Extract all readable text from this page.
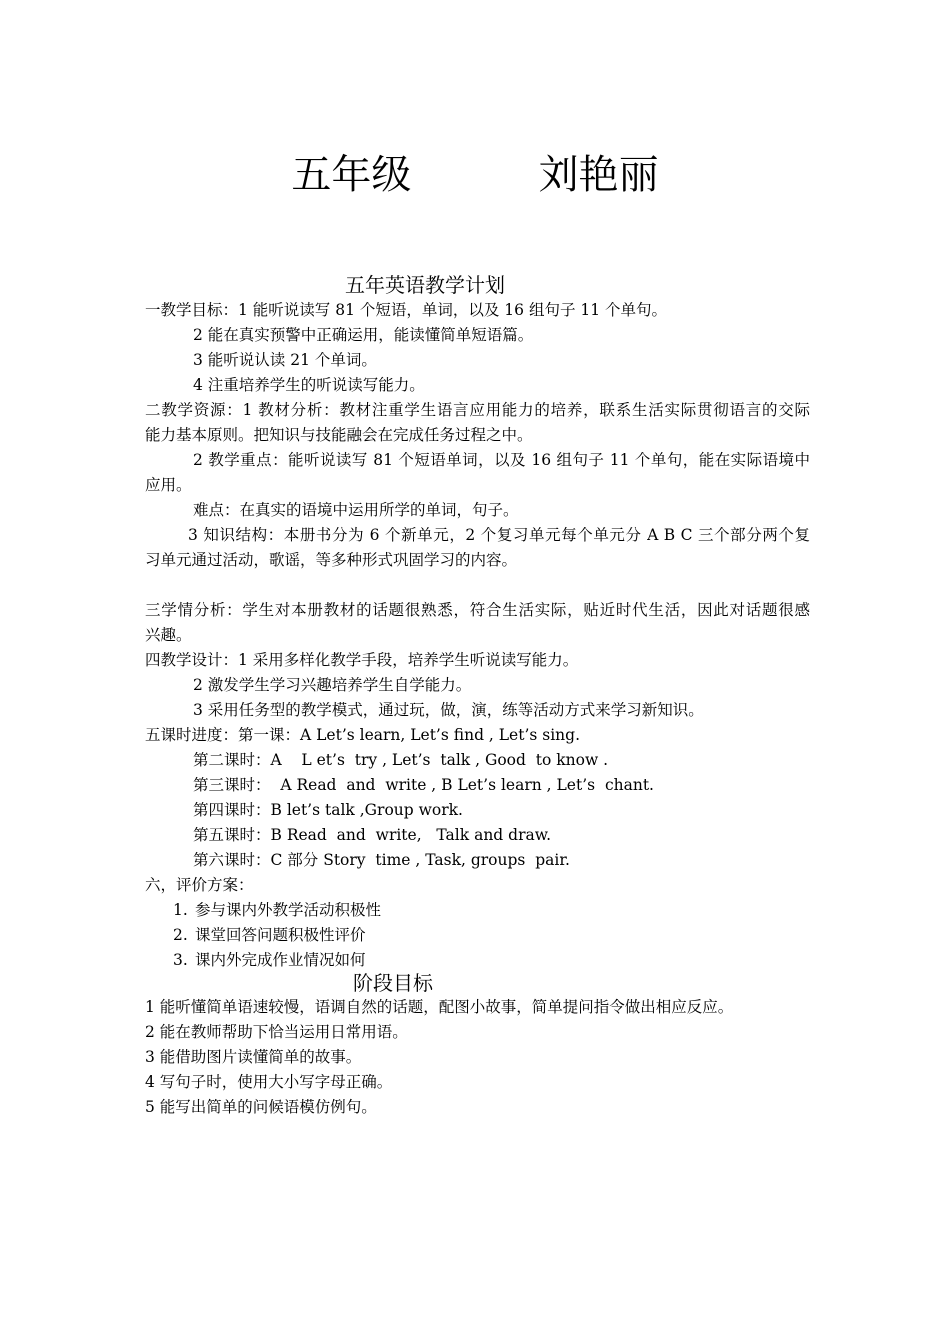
五年级          刘艳丽
五年英语教学计划
一教学目标：1 能听说读写 81 个短语，单词，以及 16 组句子 11 个单句。
2 能在真实预警中正确运用，能读懂简单短语篇。
3 能听说认读 21 个单词。
4 注重培养学生的听说读写能力。
二教学资源：1 教材分析：教材注重学生语言应用能力的培养，联系生活实际贯彻语言的交际
能力基本原则。把知识与技能融会在完成任务过程之中。
2 教学重点：能听说读写 81 个短语单词，以及 16 组句子 11 个单句，能在实际语境中
应用。
难点：在真实的语境中运用所学的单词，句子。
3 知识结构：本册书分为 6 个新单元，2 个复习单元每个单元分 A B C 三个部分两个复
习单元通过活动，歌谣，等多种形式巩固学习的内容。
三学情分析：学生对本册教材的话题很熟悉，符合生活实际，贴近时代生活，因此对话题很感
兴趣。
四教学设计：1 采用多样化教学手段，培养学生听说读写能力。
2 激发学生学习兴趣培养学生自学能力。
3 采用任务型的教学模式，通过玩，做，演，练等活动方式来学习新知识。
五课时进度：第一课：A Let’s learn, Let’s find , Let’s sing.
第二课时：A    L et’s  try , Let’s  talk , Good  to know .
第三课时：  A Read  and  write , B Let’s learn , Let’s  chant.
第四课时：B let’s talk ,Group work.
第五课时：B Read  and  write,   Talk and draw.
第六课时：C 部分 Story  time , Task, groups  pair.
六，评价方案：
1. 参与课内外教学活动积极性
2. 课堂回答问题积极性评价
3. 课内外完成作业情况如何
阶段目标
1 能听懂简单语速较慢，语调自然的话题，配图小故事，简单提问指令做出相应反应。
2 能在教师帮助下恰当运用日常用语。
3 能借助图片读懂简单的故事。
4 写句子时，使用大小写字母正确。
5 能写出简单的问候语模仿例句。
